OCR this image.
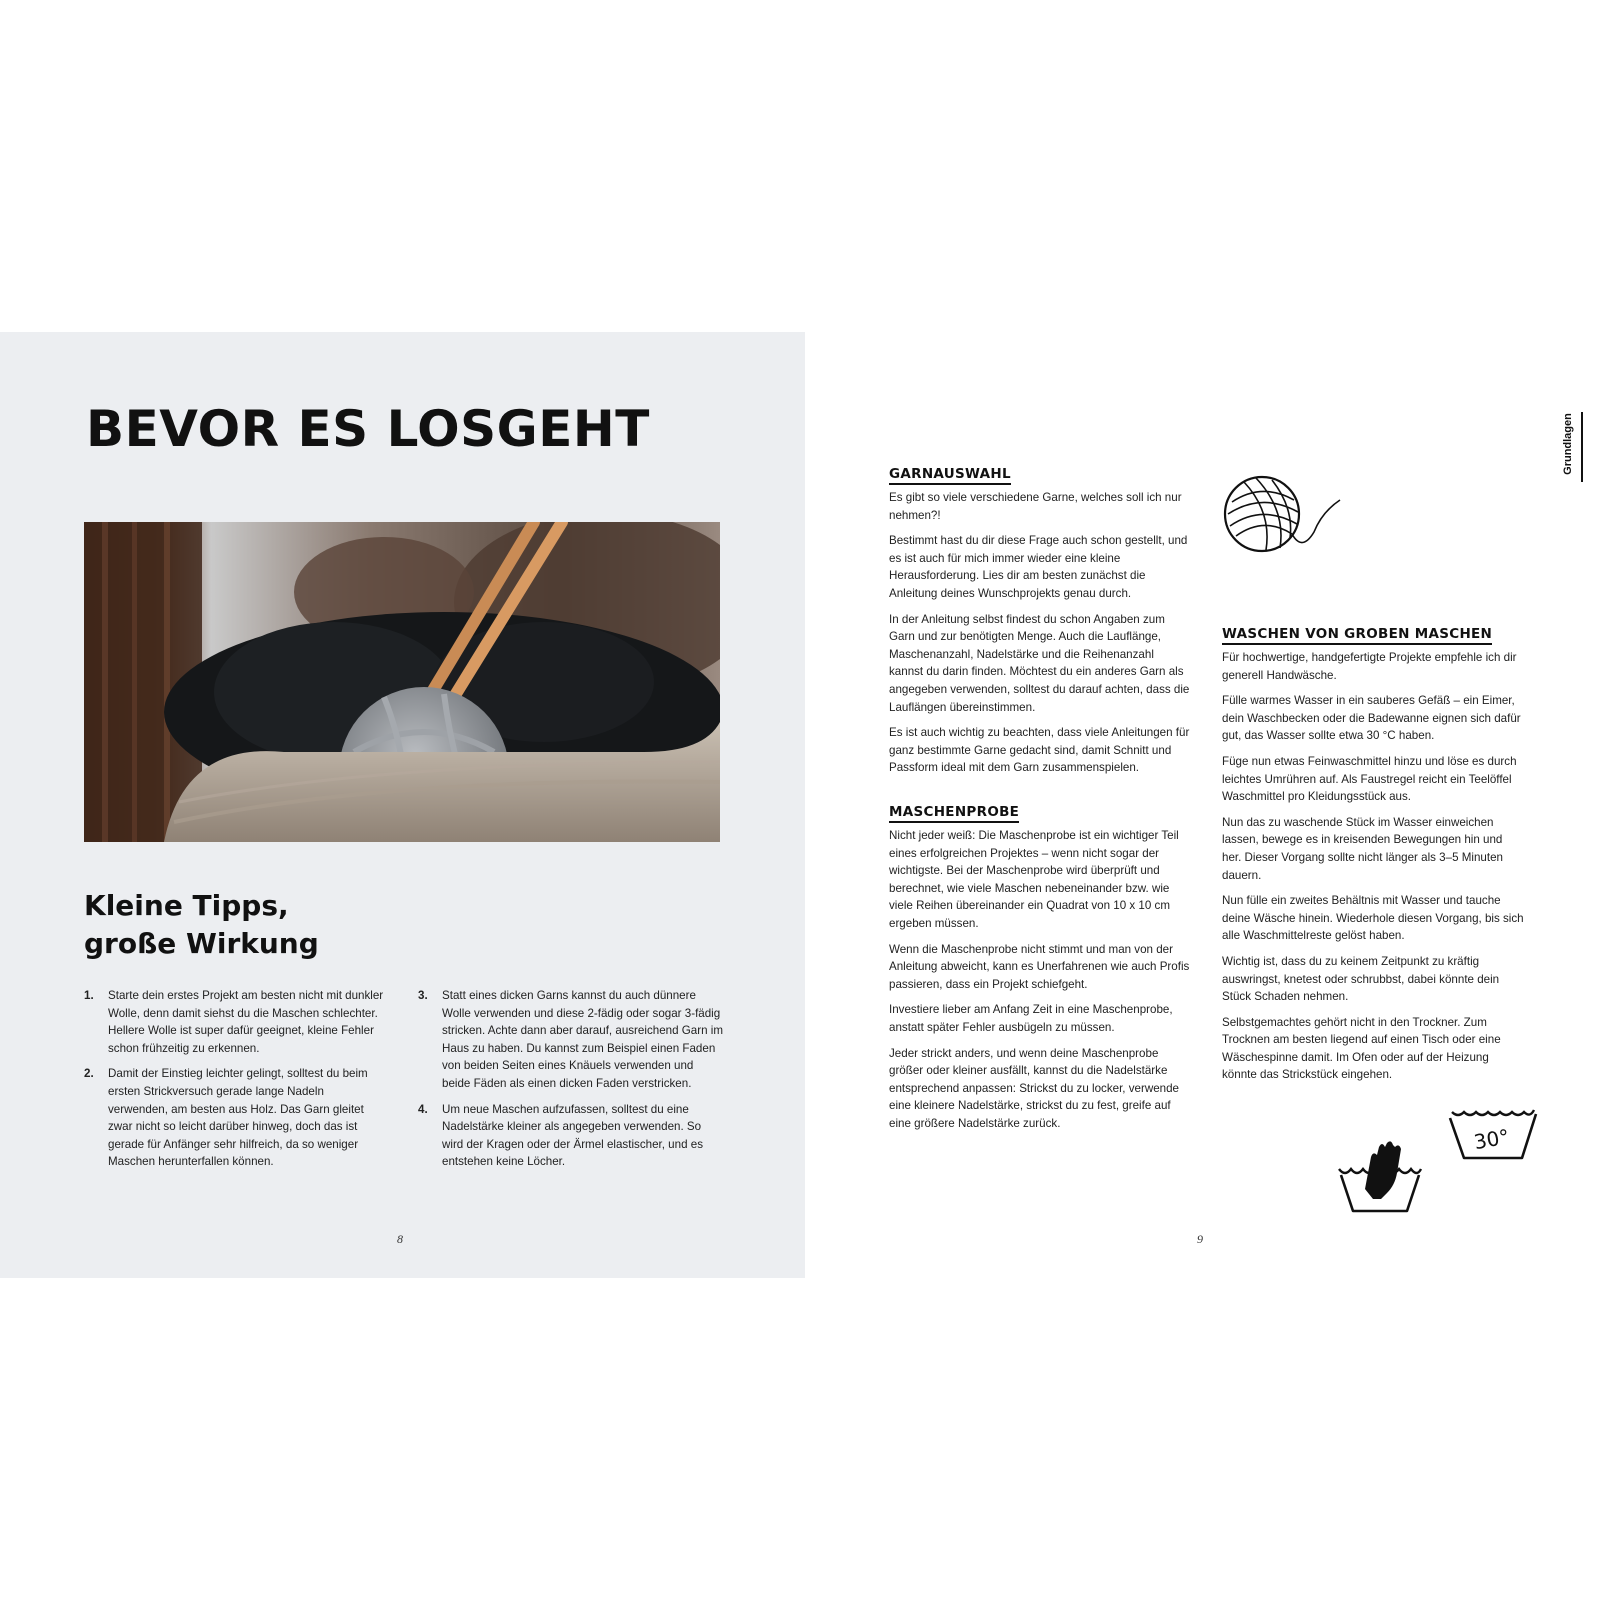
BEVOR ES LOSGEHT
Kleine Tipps,
große Wirkung
1. Starte dein erstes Projekt am besten nicht mit dunkler Wolle, denn damit siehst du die Maschen schlechter. Hellere Wolle ist super dafür geeignet, kleine Fehler schon frühzeitig zu erkennen.
2. Damit der Einstieg leichter gelingt, solltest du beim ersten Strickversuch gerade lange Nadeln verwenden, am besten aus Holz. Das Garn gleitet zwar nicht so leicht darüber hinweg, doch das ist gerade für Anfänger sehr hilfreich, da so weniger Maschen herunterfallen können.
3. Statt eines dicken Garns kannst du auch dünnere Wolle verwenden und diese 2-fädig oder sogar 3-fädig stricken. Achte dann aber darauf, ausreichend Garn im Haus zu haben. Du kannst zum Beispiel einen Faden von beiden Seiten eines Knäuels verwenden und beide Fäden als einen dicken Faden verstricken.
4. Um neue Maschen aufzufassen, solltest du eine Nadelstärke kleiner als angegeben verwenden. So wird der Kragen oder der Ärmel elastischer, und es entstehen keine Löcher.
8
Grundlagen
GARNAUSWAHL

Es gibt so viele verschiedene Garne, welches soll ich nur nehmen?!

Bestimmt hast du dir diese Frage auch schon gestellt, und es ist auch für mich immer wieder eine kleine Herausforderung. Lies dir am besten zunächst die Anleitung deines Wunschprojekts genau durch.

In der Anleitung selbst findest du schon Angaben zum Garn und zur benötigten Menge. Auch die Lauflänge, Maschenanzahl, Nadelstärke und die Reihenanzahl kannst du darin finden. Möchtest du ein anderes Garn als angegeben verwenden, solltest du darauf achten, dass die Lauflängen übereinstimmen.

Es ist auch wichtig zu beachten, dass viele Anleitungen für ganz bestimmte Garne gedacht sind, damit Schnitt und Passform ideal mit dem Garn zusammenspielen.

MASCHENPROBE

Nicht jeder weiß: Die Maschenprobe ist ein wichtiger Teil eines erfolgreichen Projektes – wenn nicht sogar der wichtigste. Bei der Maschenprobe wird überprüft und berechnet, wie viele Maschen nebeneinander bzw. wie viele Reihen übereinander ein Quadrat von 10 x 10 cm ergeben müssen.

Wenn die Maschenprobe nicht stimmt und man von der Anleitung abweicht, kann es Unerfahrenen wie auch Profis passieren, dass ein Projekt schiefgeht.

Investiere lieber am Anfang Zeit in eine Maschenprobe, anstatt später Fehler ausbügeln zu müssen.

Jeder strickt anders, und wenn deine Maschenprobe größer oder kleiner ausfällt, kannst du die Nadelstärke entsprechend anpassen: Strickst du zu locker, verwende eine kleinere Nadelstärke, strickst du zu fest, greife auf eine größere Nadelstärke zurück.

WASCHEN VON GROBEN MASCHEN

Für hochwertige, handgefertigte Projekte empfehle ich dir generell Handwäsche.

Fülle warmes Wasser in ein sauberes Gefäß – ein Eimer, dein Waschbecken oder die Badewanne eignen sich dafür gut, das Wasser sollte etwa 30 °C haben.

Füge nun etwas Feinwaschmittel hinzu und löse es durch leichtes Umrühren auf. Als Faustregel reicht ein Teelöffel Waschmittel pro Kleidungsstück aus.

Nun das zu waschende Stück im Wasser einweichen lassen, bewege es in kreisenden Bewegungen hin und her. Dieser Vorgang sollte nicht länger als 3–5 Minuten dauern.

Nun fülle ein zweites Behältnis mit Wasser und tauche deine Wäsche hinein. Wiederhole diesen Vorgang, bis sich alle Waschmittelreste gelöst haben.

Wichtig ist, dass du zu keinem Zeitpunkt zu kräftig auswringst, knetest oder schrubbst, dabei könnte dein Stück Schaden nehmen.

Selbstgemachtes gehört nicht in den Trockner. Zum Trocknen am besten liegend auf einen Tisch oder eine Wäschespinne damit. Im Ofen oder auf der Heizung könnte das Strickstück eingehen.

30°
9
